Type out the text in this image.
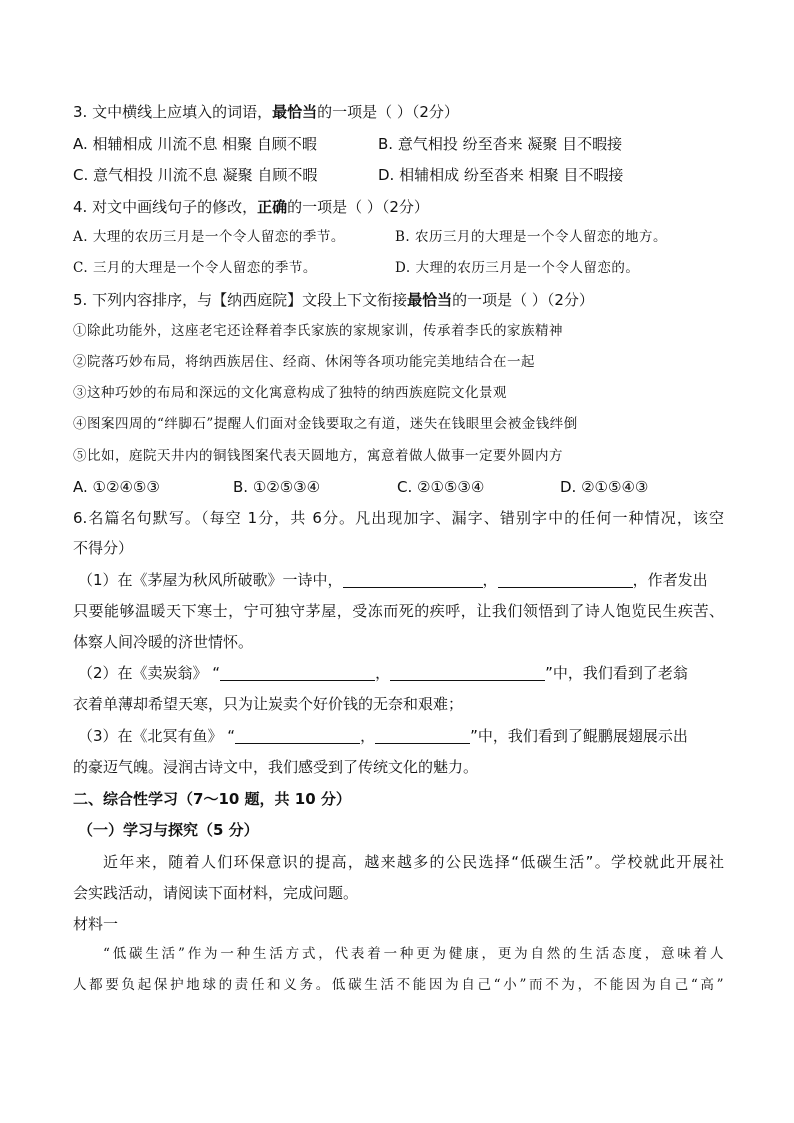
3. 文中横线上应填入的词语，最恰当的一项是（ ）（2分）
A. 相辅相成 川流不息 相聚 自顾不暇	B. 意气相投 纷至沓来 凝聚 目不暇接
C. 意气相投 川流不息 凝聚 自顾不暇	D. 相辅相成 纷至沓来 相聚 目不暇接
4. 对文中画线句子的修改，正确的一项是（ ）（2分）
A. 大理的农历三月是一个令人留恋的季节。	B. 农历三月的大理是一个令人留恋的地方。
C. 三月的大理是一个令人留恋的季节。	D. 大理的农历三月是一个令人留恋的。
5. 下列内容排序，与【纳西庭院】文段上下文衔接最恰当的一项是（ ）（2分）
①除此功能外，这座老宅还诠释着李氏家族的家规家训，传承着李氏的家族精神
②院落巧妙布局，将纳西族居住、经商、休闲等各项功能完美地结合在一起
③这种巧妙的布局和深远的文化寓意构成了独特的纳西族庭院文化景观
④图案四周的“绊脚石”提醒人们面对金钱要取之有道，迷失在钱眼里会被金钱绊倒
⑤比如，庭院天井内的铜钱图案代表天圆地方，寓意着做人做事一定要外圆内方
A. ①②④⑤③	B. ①②⑤③④	C. ②①⑤③④	D. ②①⑤④③
6.名篇名句默写。（每空 1分，共 6分。凡出现加字、漏字、错别字中的任何一种情况，该空
不得分）
（1）在《茅屋为秋风所破歌》一诗中，	，	，作者发出
只要能够温暖天下寒士，宁可独守茅屋，受冻而死的疾呼，让我们领悟到了诗人饱览民生疾苦、
体察人间冷暖的济世情怀。
（2）在《卖炭翁》 “	，	”中，我们看到了老翁
衣着单薄却希望天寒，只为让炭卖个好价钱的无奈和艰难；
（3）在《北冥有鱼》 “	，	”中，我们看到了鲲鹏展翅展示出
的豪迈气魄。浸润古诗文中，我们感受到了传统文化的魅力。
二、综合性学习（7～10 题，共 10 分）
（一）学习与探究（5 分）
近年来，随着人们环保意识的提高，越来越多的公民选择“低碳生活”。学校就此开展社
会实践活动，请阅读下面材料，完成问题。
材料一
“低碳生活”作为一种生活方式，代表着一种更为健康，更为自然的生活态度，意味着人
人都要负起保护地球的责任和义务。低碳生活不能因为自己“小”而不为，不能因为自己“高”
